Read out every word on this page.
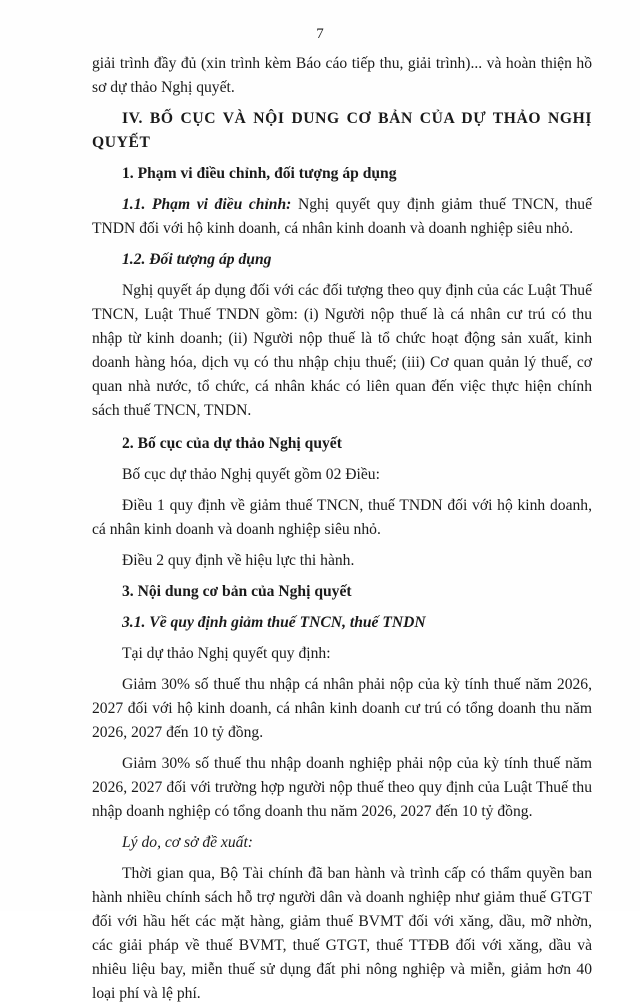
7

giải trình đầy đủ (xin trình kèm Báo cáo tiếp thu, giải trình)... và hoàn thiện hồ sơ dự thảo Nghị quyết.

IV. BỐ CỤC VÀ NỘI DUNG CƠ BẢN CỦA DỰ THẢO NGHỊ QUYẾT

1. Phạm vi điều chỉnh, đối tượng áp dụng

1.1. Phạm vi điều chỉnh: Nghị quyết quy định giảm thuế TNCN, thuế TNDN đối với hộ kinh doanh, cá nhân kinh doanh và doanh nghiệp siêu nhỏ.

1.2. Đối tượng áp dụng

Nghị quyết áp dụng đối với các đối tượng theo quy định của các Luật Thuế TNCN, Luật Thuế TNDN gồm: (i) Người nộp thuế là cá nhân cư trú có thu nhập từ kinh doanh; (ii) Người nộp thuế là tổ chức hoạt động sản xuất, kinh doanh hàng hóa, dịch vụ có thu nhập chịu thuế; (iii) Cơ quan quản lý thuế, cơ quan nhà nước, tổ chức, cá nhân khác có liên quan đến việc thực hiện chính sách thuế TNCN, TNDN.

2. Bố cục của dự thảo Nghị quyết

Bố cục dự thảo Nghị quyết gồm 02 Điều:

Điều 1 quy định về giảm thuế TNCN, thuế TNDN đối với hộ kinh doanh, cá nhân kinh doanh và doanh nghiệp siêu nhỏ.

Điều 2 quy định về hiệu lực thi hành.

3. Nội dung cơ bản của Nghị quyết

3.1. Về quy định giảm thuế TNCN, thuế TNDN

Tại dự thảo Nghị quyết quy định:

Giảm 30% số thuế thu nhập cá nhân phải nộp của kỳ tính thuế năm 2026, 2027 đối với hộ kinh doanh, cá nhân kinh doanh cư trú có tổng doanh thu năm 2026, 2027 đến 10 tỷ đồng.

Giảm 30% số thuế thu nhập doanh nghiệp phải nộp của kỳ tính thuế năm 2026, 2027 đối với trường hợp người nộp thuế theo quy định của Luật Thuế thu nhập doanh nghiệp có tổng doanh thu năm 2026, 2027 đến 10 tỷ đồng.

Lý do, cơ sở đề xuất:

Thời gian qua, Bộ Tài chính đã ban hành và trình cấp có thẩm quyền ban hành nhiều chính sách hỗ trợ người dân và doanh nghiệp như giảm thuế GTGT đối với hầu hết các mặt hàng, giảm thuế BVMT đối với xăng, dầu, mỡ nhờn, các giải pháp về thuế BVMT, thuế GTGT, thuế TTĐB đối với xăng, dầu và nhiêu liệu bay, miễn thuế sử dụng đất phi nông nghiệp và miễn, giảm hơn 40 loại phí và lệ phí.
